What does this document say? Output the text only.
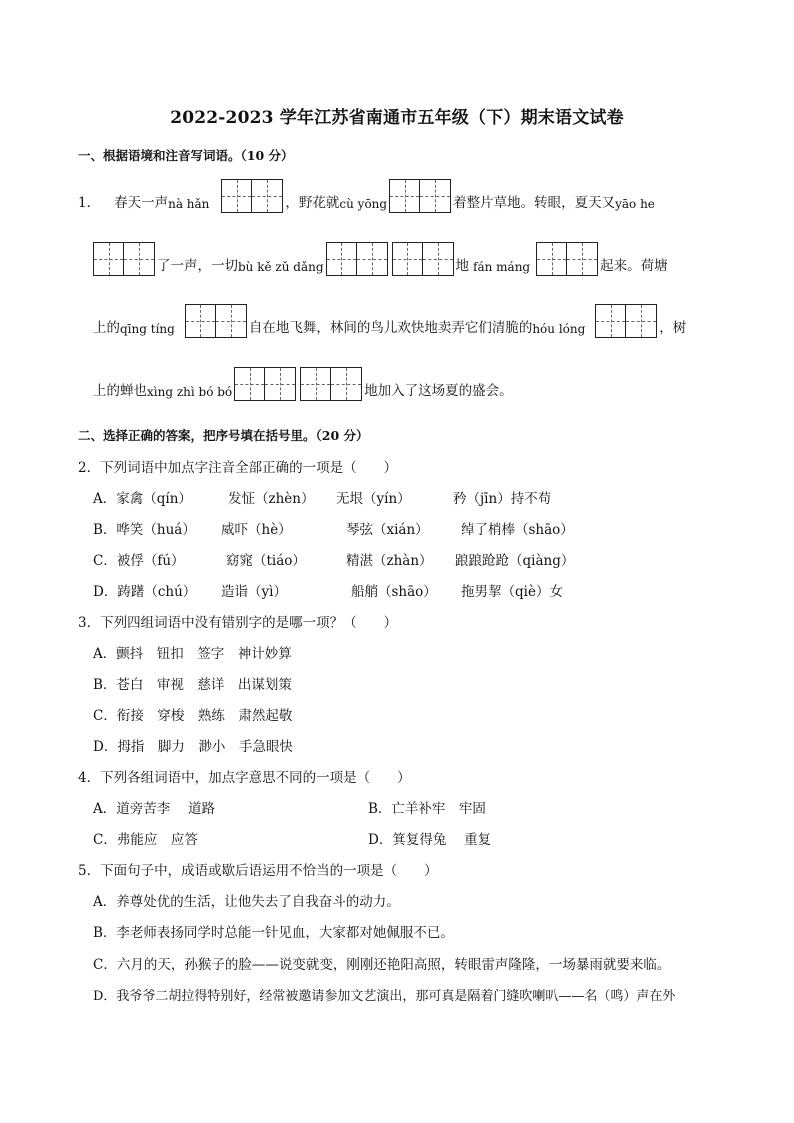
2022-2023 学年江苏省南通市五年级（下）期末语文试卷
一、根据语境和注音写词语。（10 分）
1． 春天一声 nà hǎn	，野花就 cù yōng	着整片草地。转眼，夏天又 yāo he
了一声，一切 bù kě zǔ dǎng	地 fán máng	起来。荷塘
上的 qīng tíng	自在地飞舞，林间的鸟儿欢快地卖弄它们清脆的 hóu lóng	，树
上的蝉也 xìng zhì bó bó	地加入了这场夏的盛会。
二、选择正确的答案，把序号填在括号里。（20 分）
2．下列词语中加点字注音全部正确的一项是（　　）
A．家禽（qín）	发怔（zhèn） 无垠（yín）	矜（jīn）持不苟
B．哗笑（huá） 威吓（hè）	琴弦（xián） 绰了梢棒（shāo）
C．被俘（fú）	窈窕（tiáo）	精湛（zhàn） 踉踉跄跄（qiàng）
D．踌躇（chú） 造诣（yì）	船艄（shāo） 拖男挈（qiè）女
3．下列四组词语中没有错别字的是哪一项？（　　）
A．颤抖　钮扣　签字　神计妙算
B．苍白　审视　慈详　出谋划策
C．衔接　穿梭　熟练　肃然起敬
D．拇指　脚力　渺小　手急眼快
4．下列各组词语中，加点字意思不同的一项是（　　）
A．道旁苦李　 道路	B．亡羊补牢　牢固
C．弗能应　应答	D．箕复得兔　 重复
5．下面句子中，成语或歇后语运用不恰当的一项是（　　）
A．养尊处优的生活，让他失去了自我奋斗的动力。
B．李老师表扬同学时总能一针见血，大家都对她佩服不已。
C．六月的天，孙猴子的脸——说变就变，刚刚还艳阳高照，转眼雷声隆隆，一场暴雨就要来临。
D．我爷爷二胡拉得特别好，经常被邀请参加文艺演出，那可真是隔着门缝吹喇叭——名（鸣）声在外
